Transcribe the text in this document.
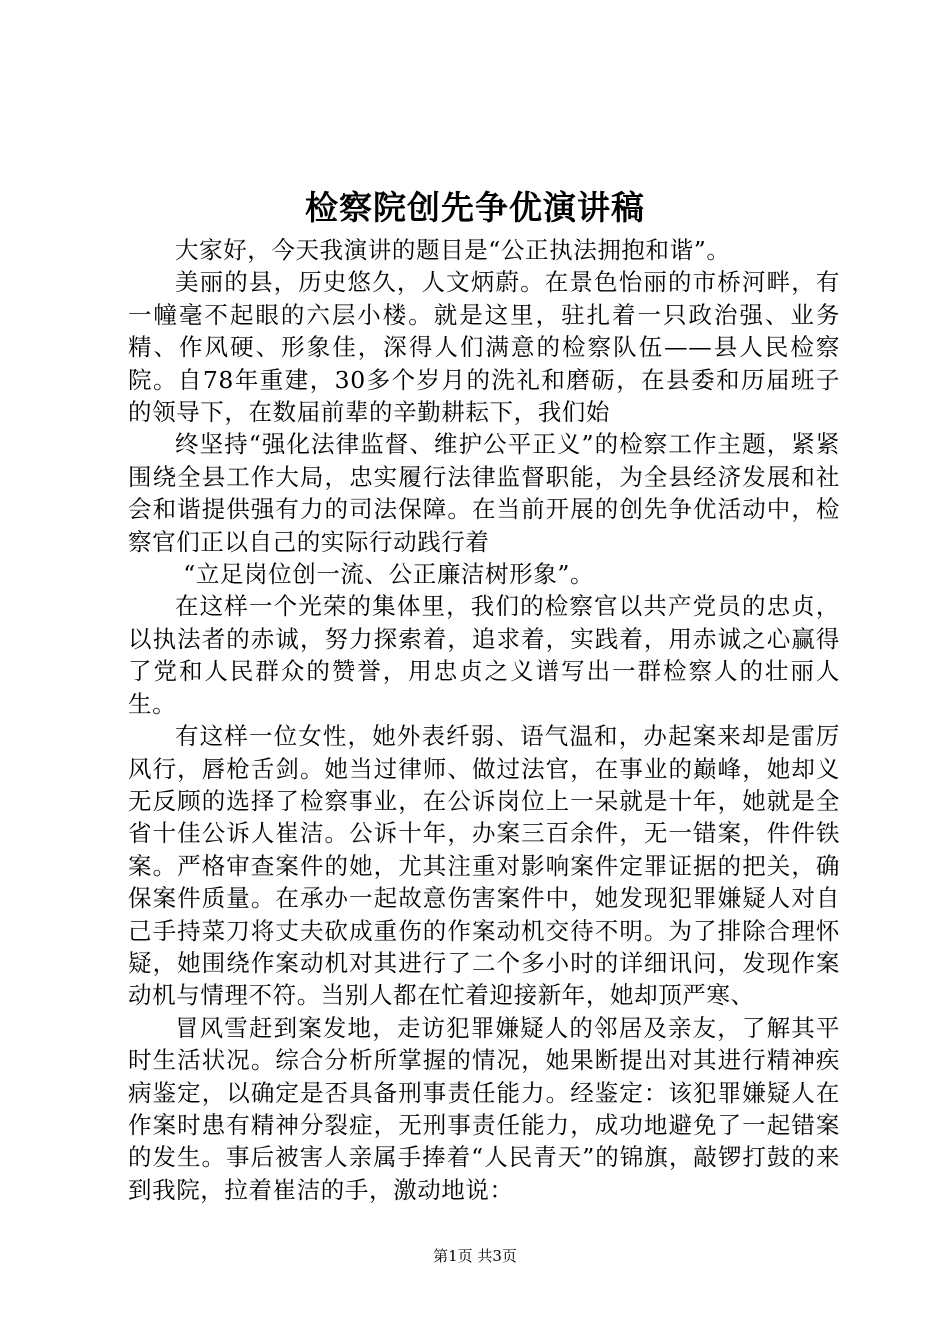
检察院创先争优演讲稿

大家好，今天我演讲的题目是“公正执法拥抱和谐”。

美丽的县，历史悠久，人文炳蔚。在景色怡丽的市桥河畔，有一幢毫不起眼的六层小楼。就是这里，驻扎着一只政治强、业务精、作风硬、形象佳，深得人们满意的检察队伍——县人民检察院。自78年重建，30多个岁月的洗礼和磨砺，在县委和历届班子的领导下，在数届前辈的辛勤耕耘下，我们始

终坚持“强化法律监督、维护公平正义”的检察工作主题，紧紧围绕全县工作大局，忠实履行法律监督职能，为全县经济发展和社会和谐提供强有力的司法保障。在当前开展的创先争优活动中，检察官们正以自己的实际行动践行着

“立足岗位创一流、公正廉洁树形象”。

在这样一个光荣的集体里，我们的检察官以共产党员的忠贞，以执法者的赤诚，努力探索着，追求着，实践着，用赤诚之心赢得了党和人民群众的赞誉，用忠贞之义谱写出一群检察人的壮丽人生。

有这样一位女性，她外表纤弱、语气温和，办起案来却是雷厉风行，唇枪舌剑。她当过律师、做过法官，在事业的巅峰，她却义无反顾的选择了检察事业，在公诉岗位上一呆就是十年，她就是全省十佳公诉人崔洁。公诉十年，办案三百余件，无一错案，件件铁案。严格审查案件的她，尤其注重对影响案件定罪证据的把关，确保案件质量。在承办一起故意伤害案件中，她发现犯罪嫌疑人对自己手持菜刀将丈夫砍成重伤的作案动机交待不明。为了排除合理怀疑，她围绕作案动机对其进行了二个多小时的详细讯问，发现作案动机与情理不符。当别人都在忙着迎接新年，她却顶严寒、

冒风雪赶到案发地，走访犯罪嫌疑人的邻居及亲友，了解其平时生活状况。综合分析所掌握的情况，她果断提出对其进行精神疾病鉴定，以确定是否具备刑事责任能力。经鉴定：该犯罪嫌疑人在作案时患有精神分裂症，无刑事责任能力，成功地避免了一起错案的发生。事后被害人亲属手捧着“人民青天”的锦旗，敲锣打鼓的来到我院，拉着崔洁的手，激动地说：

第1页 共3页
